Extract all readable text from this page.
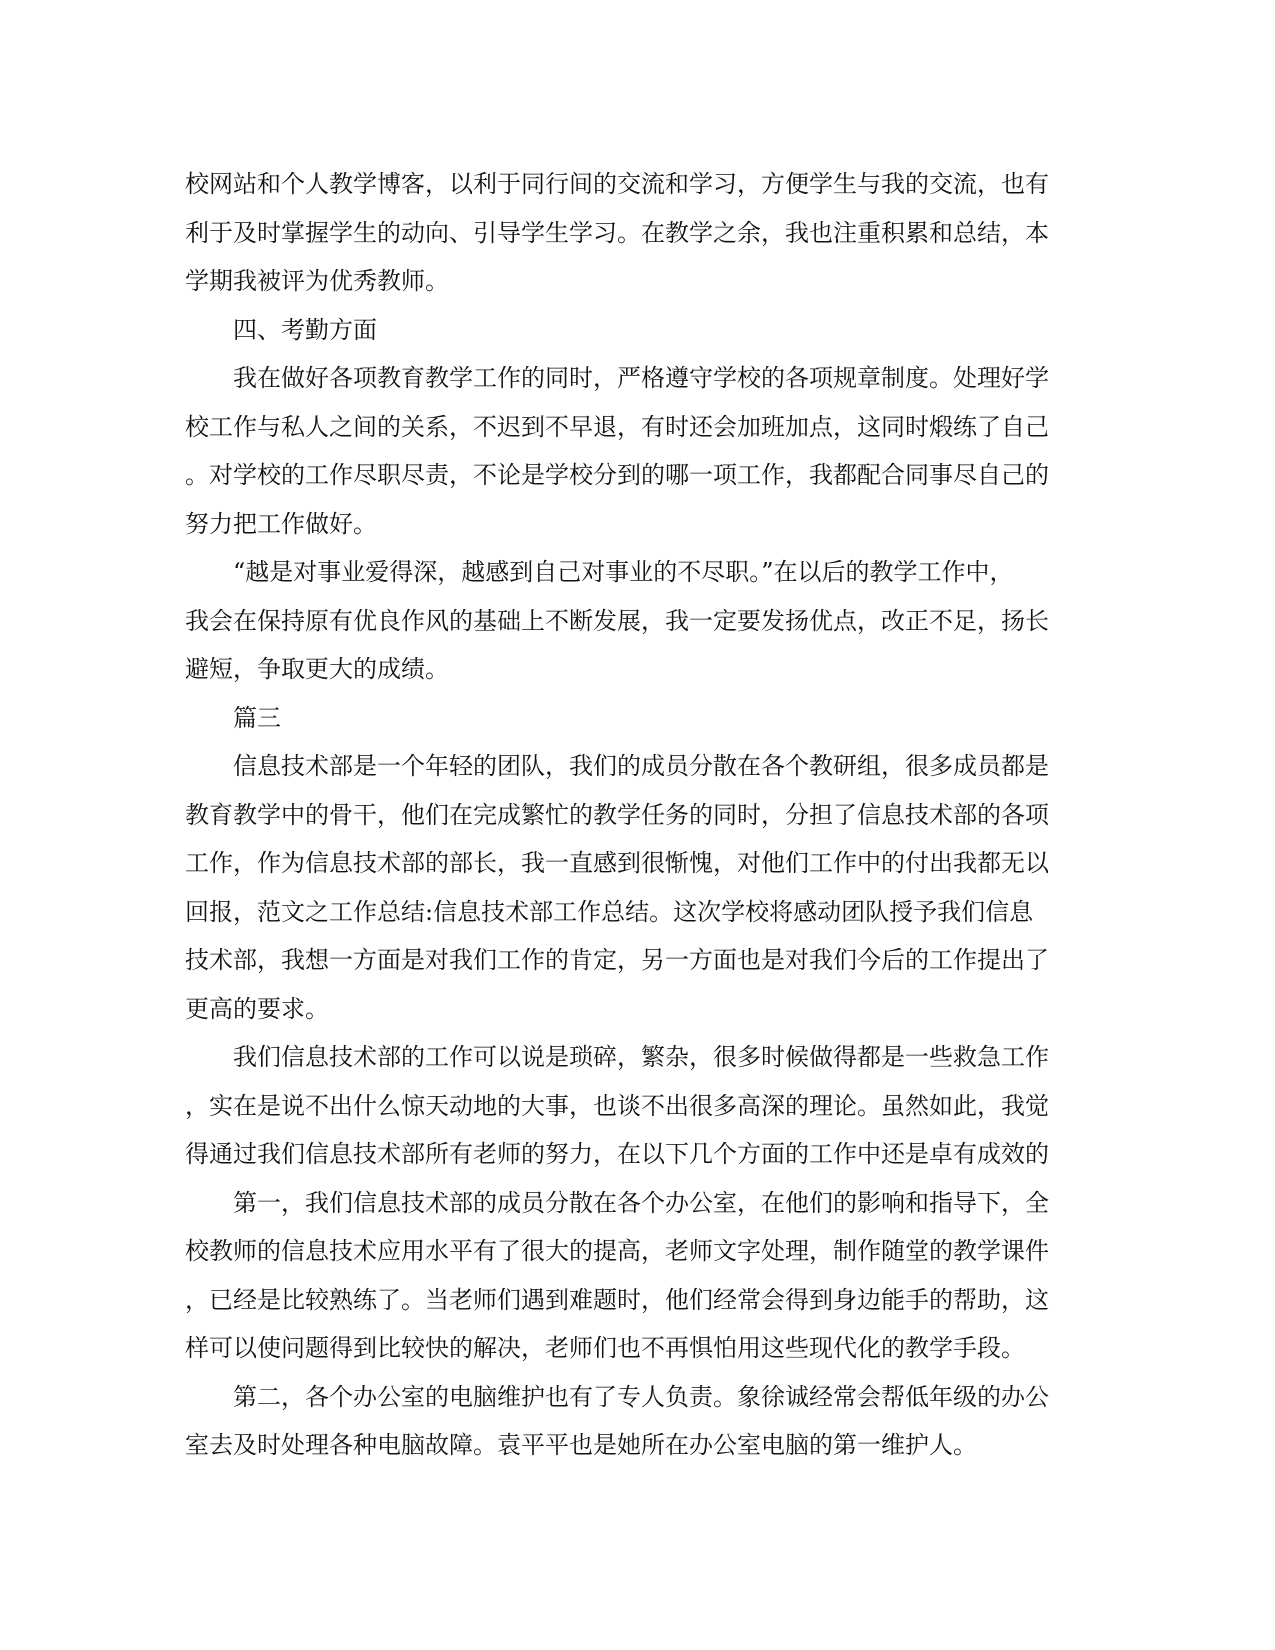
校网站和个人教学博客，以利于同行间的交流和学习，方便学生与我的交流，也有
利于及时掌握学生的动向、引导学生学习。在教学之余，我也注重积累和总结，本
学期我被评为优秀教师。
四、考勤方面
我在做好各项教育教学工作的同时，严格遵守学校的各项规章制度。处理好学
校工作与私人之间的关系，不迟到不早退，有时还会加班加点，这同时煅练了自己
。对学校的工作尽职尽责，不论是学校分到的哪一项工作，我都配合同事尽自己的
努力把工作做好。
“越是对事业爱得深，越感到自己对事业的不尽职。”在以后的教学工作中，
我会在保持原有优良作风的基础上不断发展，我一定要发扬优点，改正不足，扬长
避短，争取更大的成绩。
篇三
信息技术部是一个年轻的团队，我们的成员分散在各个教研组，很多成员都是
教育教学中的骨干，他们在完成繁忙的教学任务的同时，分担了信息技术部的各项
工作，作为信息技术部的部长，我一直感到很惭愧，对他们工作中的付出我都无以
回报，范文之工作总结:信息技术部工作总结。这次学校将感动团队授予我们信息
技术部，我想一方面是对我们工作的肯定，另一方面也是对我们今后的工作提出了
更高的要求。
我们信息技术部的工作可以说是琐碎，繁杂，很多时候做得都是一些救急工作
，实在是说不出什么惊天动地的大事，也谈不出很多高深的理论。虽然如此，我觉
得通过我们信息技术部所有老师的努力，在以下几个方面的工作中还是卓有成效的
第一，我们信息技术部的成员分散在各个办公室，在他们的影响和指导下，全
校教师的信息技术应用水平有了很大的提高，老师文字处理，制作随堂的教学课件
，已经是比较熟练了。当老师们遇到难题时，他们经常会得到身边能手的帮助，这
样可以使问题得到比较快的解决，老师们也不再惧怕用这些现代化的教学手段。
第二，各个办公室的电脑维护也有了专人负责。象徐诚经常会帮低年级的办公
室去及时处理各种电脑故障。袁平平也是她所在办公室电脑的第一维护人。
